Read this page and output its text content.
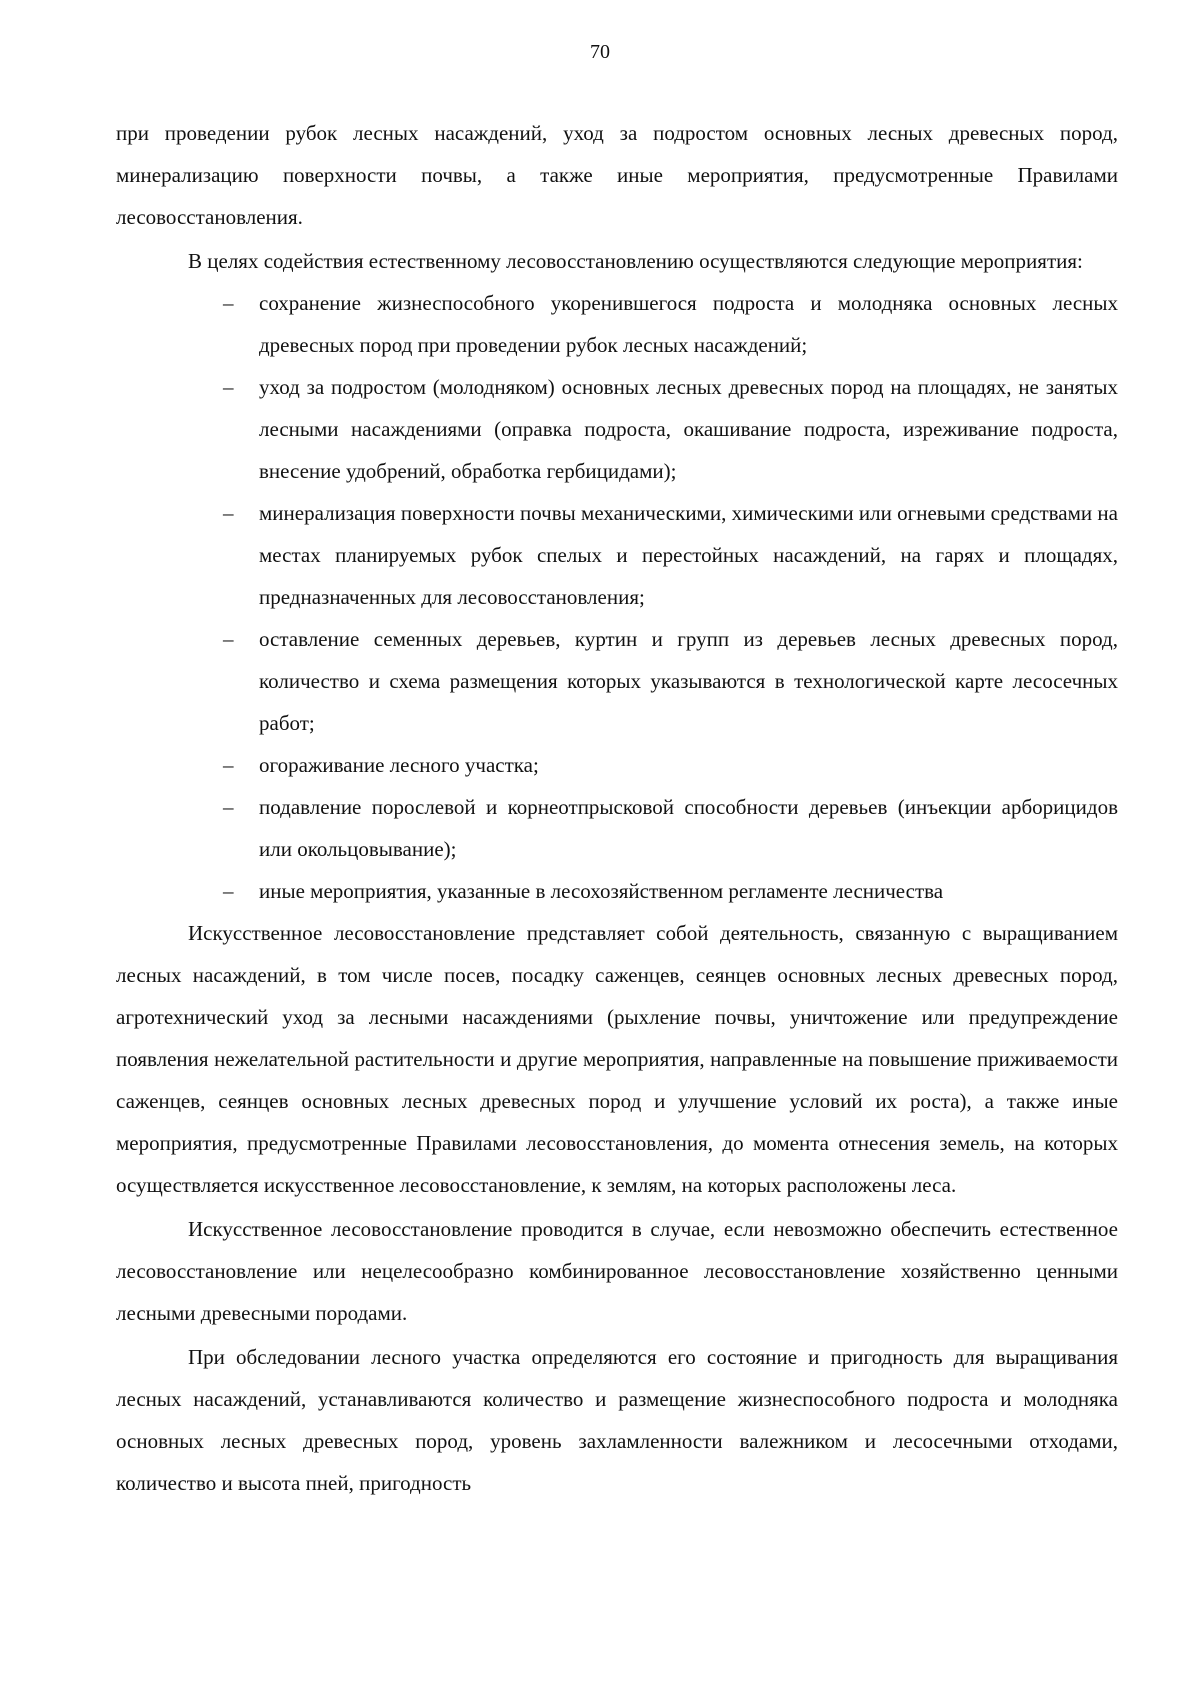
70

при проведении рубок лесных насаждений, уход за подростом основных лесных древесных пород, минерализацию поверхности почвы, а также иные мероприятия, предусмотренные Правилами лесовосстановления.

В целях содействия естественному лесовосстановлению осуществляются следующие мероприятия:

– сохранение жизнеспособного укоренившегося подроста и молодняка основных лесных древесных пород при проведении рубок лесных насаждений;
– уход за подростом (молодняком) основных лесных древесных пород на площадях, не занятых лесными насаждениями (оправка подроста, окашивание подроста, изреживание подроста, внесение удобрений, обработка гербицидами);
– минерализация поверхности почвы механическими, химическими или огневыми средствами на местах планируемых рубок спелых и перестойных насаждений, на гарях и площадях, предназначенных для лесовосстановления;
– оставление семенных деревьев, куртин и групп из деревьев лесных древесных пород, количество и схема размещения которых указываются в технологической карте лесосечных работ;
– огораживание лесного участка;
– подавление порослевой и корнеотпрысковой способности деревьев (инъекции арборицидов или окольцовывание);
– иные мероприятия, указанные в лесохозяйственном регламенте лесничества

Искусственное лесовосстановление представляет собой деятельность, связанную с выращиванием лесных насаждений, в том числе посев, посадку саженцев, сеянцев основных лесных древесных пород, агротехнический уход за лесными насаждениями (рыхление почвы, уничтожение или предупреждение появления нежелательной растительности и другие мероприятия, направленные на повышение приживаемости саженцев, сеянцев основных лесных древесных пород и улучшение условий их роста), а также иные мероприятия, предусмотренные Правилами лесовосстановления, до момента отнесения земель, на которых осуществляется искусственное лесовосстановление, к землям, на которых расположены леса.

Искусственное лесовосстановление проводится в случае, если невозможно обеспечить естественное лесовосстановление или нецелесообразно комбинированное лесовосстановление хозяйственно ценными лесными древесными породами.

При обследовании лесного участка определяются его состояние и пригодность для выращивания лесных насаждений, устанавливаются количество и размещение жизнеспособного подроста и молодняка основных лесных древесных пород, уровень захламленности валежником и лесосечными отходами, количество и высота пней, пригодность
